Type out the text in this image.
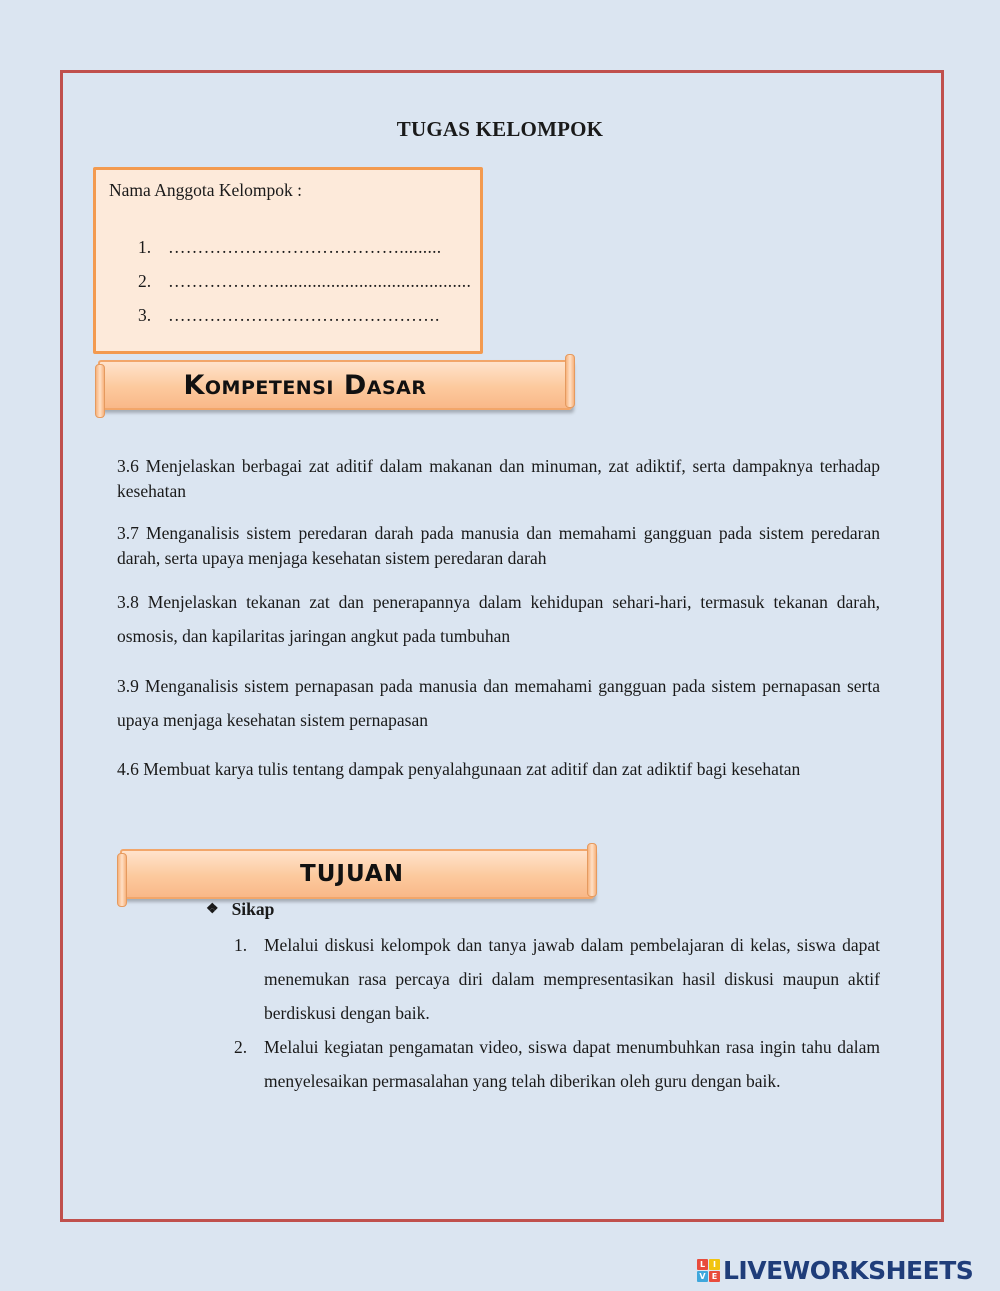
TUGAS KELOMPOK
Nama Anggota Kelompok :
1. ………………………………….........
2. ………………..........................................
3. ……………………………………….
Kompetensi Dasar
3.6 Menjelaskan berbagai zat aditif dalam makanan dan minuman, zat adiktif, serta dampaknya terhadap kesehatan
3.7 Menganalisis sistem peredaran darah pada manusia dan memahami gangguan pada sistem peredaran darah, serta upaya menjaga kesehatan sistem peredaran darah
3.8 Menjelaskan tekanan zat dan penerapannya dalam kehidupan sehari-hari, termasuk tekanan darah, osmosis, dan kapilaritas jaringan angkut pada tumbuhan
3.9 Menganalisis sistem pernapasan pada manusia dan memahami gangguan pada sistem pernapasan serta upaya menjaga kesehatan sistem pernapasan
4.6 Membuat karya tulis tentang dampak penyalahgunaan zat aditif dan zat adiktif bagi kesehatan
TUJUAN
❖ Sikap
1. Melalui diskusi kelompok dan tanya jawab dalam pembelajaran di kelas, siswa dapat menemukan rasa percaya diri dalam mempresentasikan hasil diskusi maupun aktif berdiskusi dengan baik.
2. Melalui kegiatan pengamatan video, siswa dapat menumbuhkan rasa ingin tahu dalam menyelesaikan permasalahan yang telah diberikan oleh guru dengan baik.
L I
V E LIVEWORKSHEETS
